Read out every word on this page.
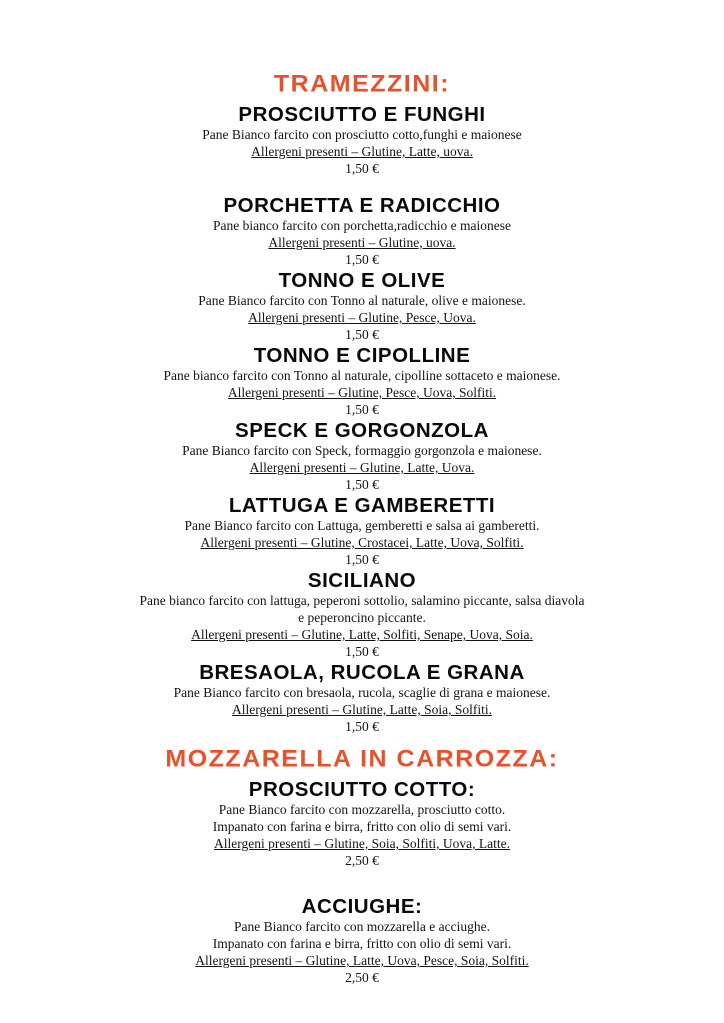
TRAMEZZINI:
PROSCIUTTO E FUNGHI
Pane Bianco farcito con prosciutto cotto,funghi e maionese
Allergeni presenti – Glutine, Latte, uova.
1,50 €
PORCHETTA E RADICCHIO
Pane bianco farcito con porchetta,radicchio e maionese
Allergeni presenti – Glutine, uova.
1,50 €
TONNO E OLIVE
Pane Bianco farcito con Tonno al naturale, olive e maionese.
Allergeni presenti – Glutine, Pesce, Uova.
1,50 €
TONNO E CIPOLLINE
Pane bianco farcito con Tonno al naturale, cipolline sottaceto e maionese.
Allergeni presenti – Glutine, Pesce, Uova, Solfiti.
1,50 €
SPECK E GORGONZOLA
Pane Bianco farcito con Speck, formaggio gorgonzola e maionese.
Allergeni presenti – Glutine, Latte, Uova.
1,50 €
LATTUGA E GAMBERETTI
Pane Bianco farcito con Lattuga, gemberetti e salsa ai gamberetti.
Allergeni presenti – Glutine, Crostacei, Latte, Uova, Solfiti.
1,50 €
SICILIANO
Pane bianco farcito con lattuga, peperoni sottolio, salamino piccante, salsa diavola
e peperoncino piccante.
Allergeni presenti – Glutine, Latte, Solfiti, Senape, Uova, Soia.
1,50 €
BRESAOLA, RUCOLA E GRANA
Pane Bianco farcito con bresaola, rucola, scaglie di grana e maionese.
Allergeni presenti – Glutine, Latte, Soia, Solfiti.
1,50 €
MOZZARELLA IN CARROZZA:
PROSCIUTTO COTTO:
Pane Bianco farcito con mozzarella, prosciutto cotto.
Impanato con farina e birra, fritto con olio di semi vari.
Allergeni presenti – Glutine, Soia, Solfiti, Uova, Latte.
2,50 €
ACCIUGHE:
Pane Bianco farcito con mozzarella e acciughe.
Impanato con farina e birra, fritto con olio di semi vari.
Allergeni presenti – Glutine, Latte, Uova, Pesce, Soia, Solfiti.
2,50 €
